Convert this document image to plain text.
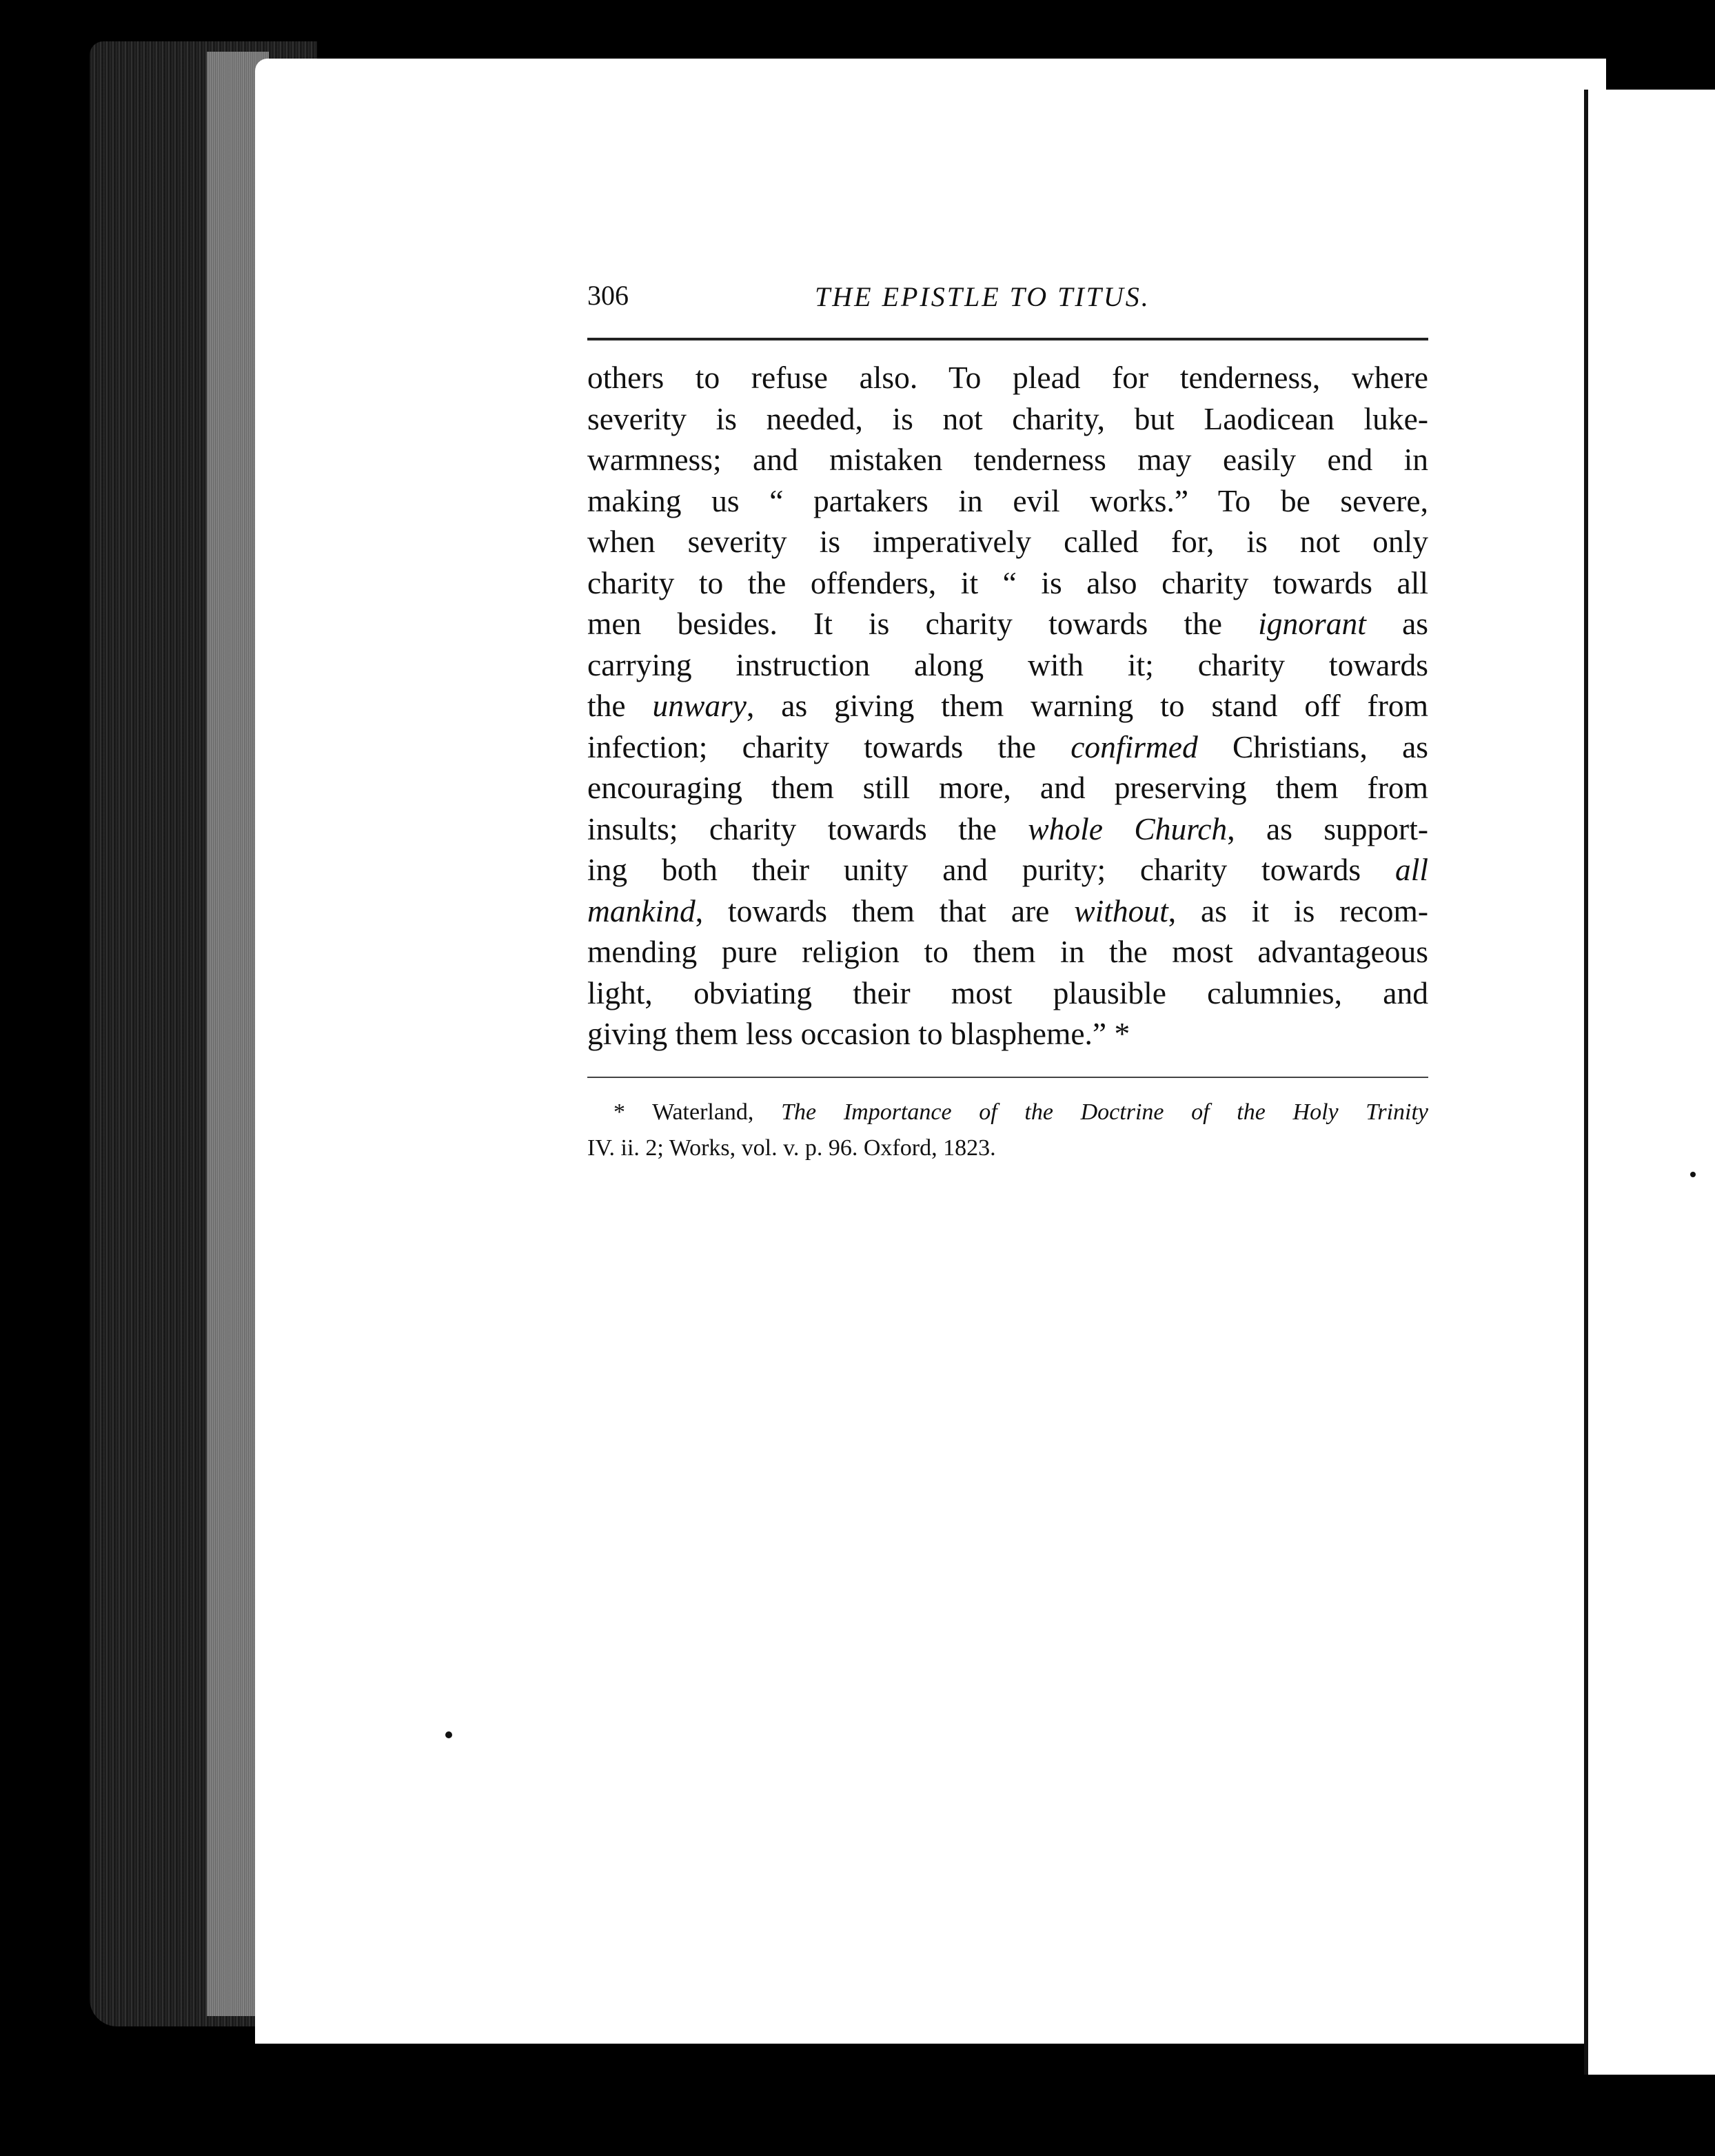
306	THE EPISTLE TO TITUS.
others to refuse also. To plead for tenderness, where
severity is needed, is not charity, but Laodicean luke-
warmness; and mistaken tenderness may easily end in
making us “ partakers in evil works.” To be severe,
when severity is imperatively called for, is not only
charity to the offenders, it “ is also charity towards all
men besides. It is charity towards the ignorant as
carrying instruction along with it; charity towards
the unwary, as giving them warning to stand off from
infection; charity towards the confirmed Christians, as
encouraging them still more, and preserving them from
insults; charity towards the whole Church, as support-
ing both their unity and purity; charity towards all
mankind, towards them that are without, as it is recom-
mending pure religion to them in the most advantageous
light, obviating their most plausible calumnies, and
giving them less occasion to blaspheme.” *
* Waterland, The Importance of the Doctrine of the Holy Trinity
IV. ii. 2; Works, vol. v. p. 96. Oxford, 1823.
